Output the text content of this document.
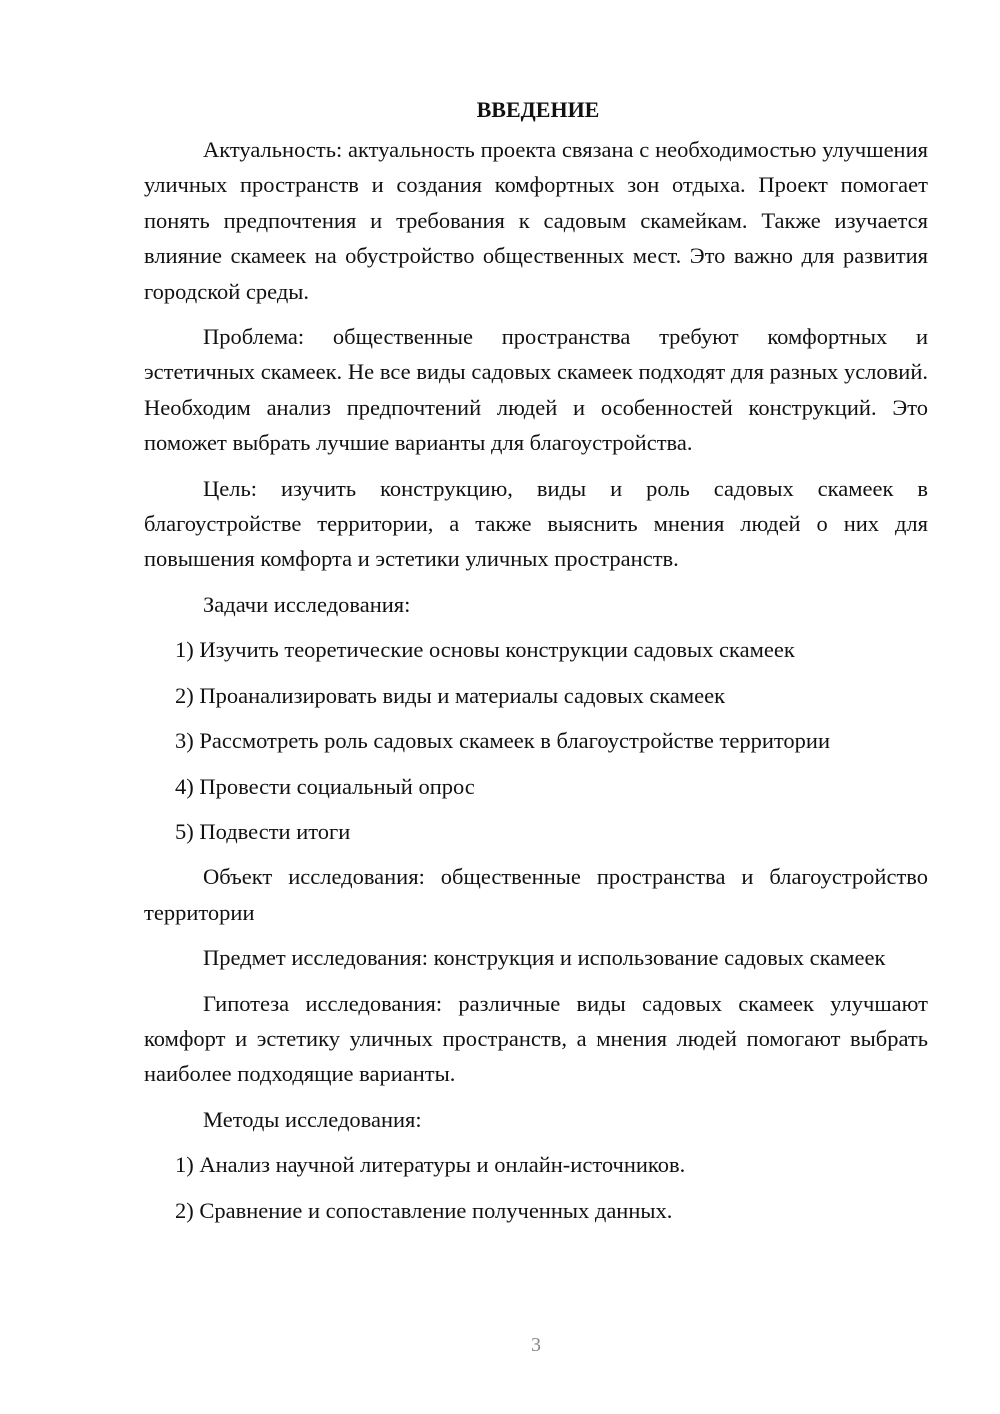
ВВЕДЕНИЕ

Актуальность: актуальность проекта связана с необходимостью улучшения уличных пространств и создания комфортных зон отдыха. Проект помогает понять предпочтения и требования к садовым скамейкам. Также изучается влияние скамеек на обустройство общественных мест. Это важно для развития городской среды.

Проблема: общественные пространства требуют комфортных и эстетичных скамеек. Не все виды садовых скамеек подходят для разных условий. Необходим анализ предпочтений людей и особенностей конструкций. Это поможет выбрать лучшие варианты для благоустройства.

Цель: изучить конструкцию, виды и роль садовых скамеек в благоустройстве территории, а также выяснить мнения людей о них для повышения комфорта и эстетики уличных пространств.

Задачи исследования:

1) Изучить теоретические основы конструкции садовых скамеек

2) Проанализировать виды и материалы садовых скамеек

3) Рассмотреть роль садовых скамеек в благоустройстве территории

4) Провести социальный опрос

5) Подвести итоги

Объект исследования: общественные пространства и благоустройство территории

Предмет исследования: конструкция и использование садовых скамеек

Гипотеза исследования: различные виды садовых скамеек улучшают комфорт и эстетику уличных пространств, а мнения людей помогают выбрать наиболее подходящие варианты.

Методы исследования:

1) Анализ научной литературы и онлайн-источников.

2) Сравнение и сопоставление полученных данных.

3
